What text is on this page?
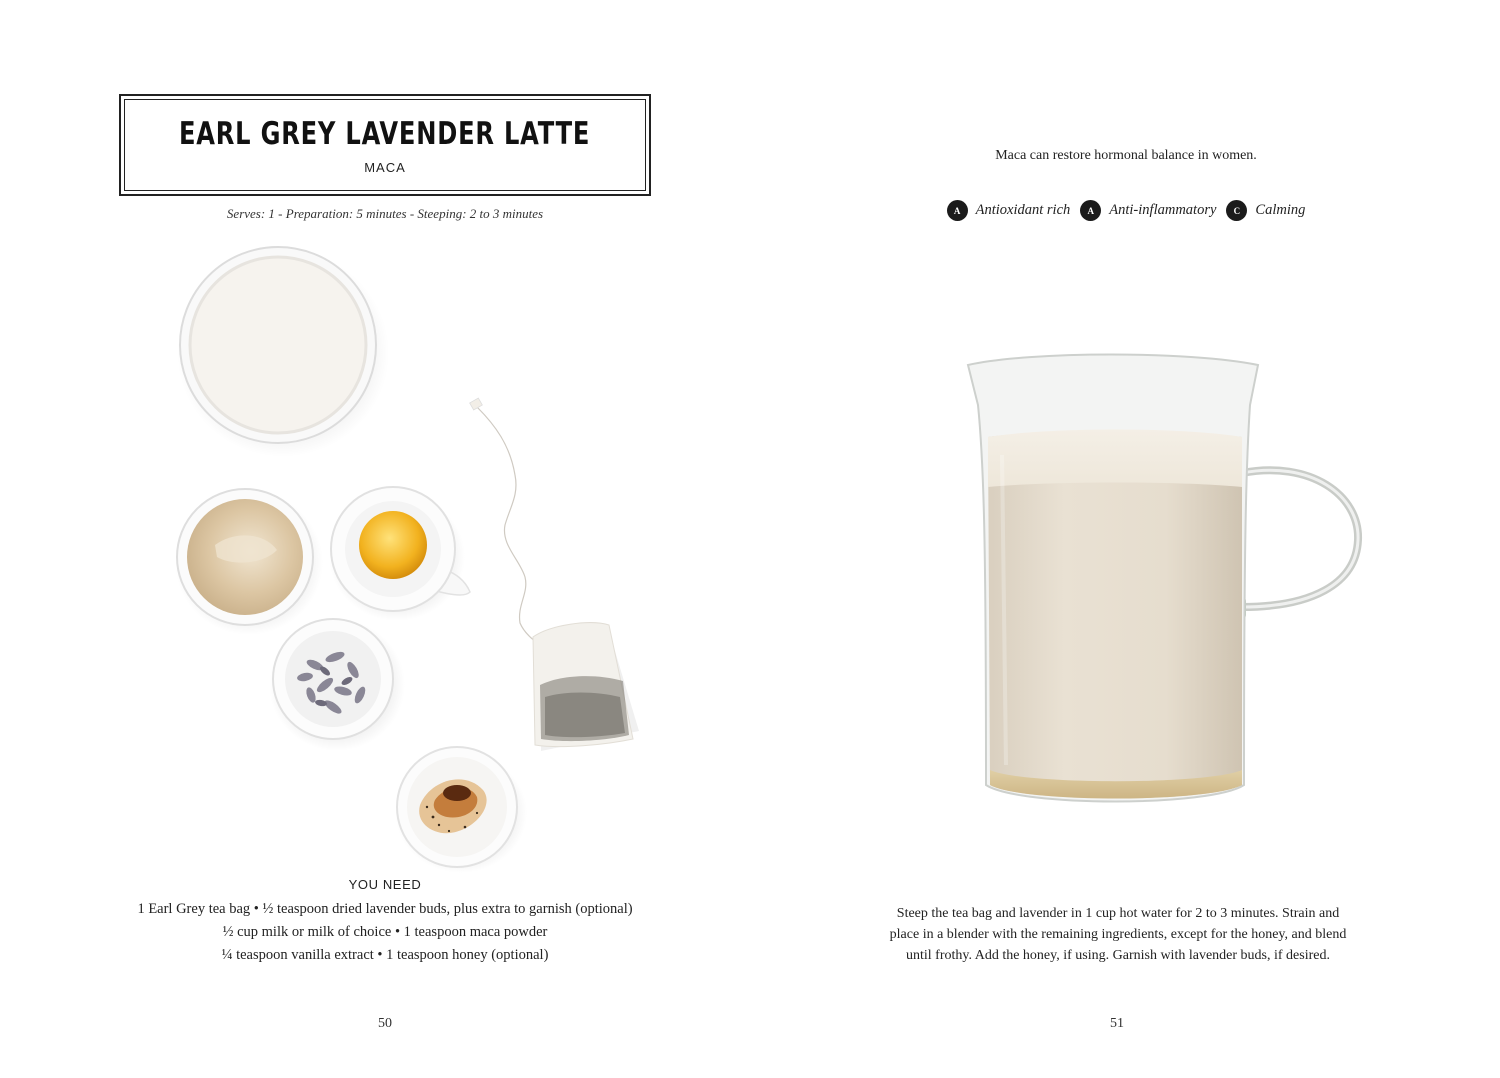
EARL GREY LAVENDER LATTE
MACA
Serves: 1 - Preparation: 5 minutes - Steeping: 2 to 3 minutes
YOU NEED
1 Earl Grey tea bag • ½ teaspoon dried lavender buds, plus extra to garnish (optional)
½ cup milk or milk of choice • 1 teaspoon maca powder
¼ teaspoon vanilla extract • 1 teaspoon honey (optional)
50
Maca can restore hormonal balance in women.
A	Antioxidant rich	A	Anti-inflammatory	C	Calming
Steep the tea bag and lavender in 1 cup hot water for 2 to 3 minutes. Strain and
place in a blender with the remaining ingredients, except for the honey, and blend
until frothy. Add the honey, if using. Garnish with lavender buds, if desired.
51
